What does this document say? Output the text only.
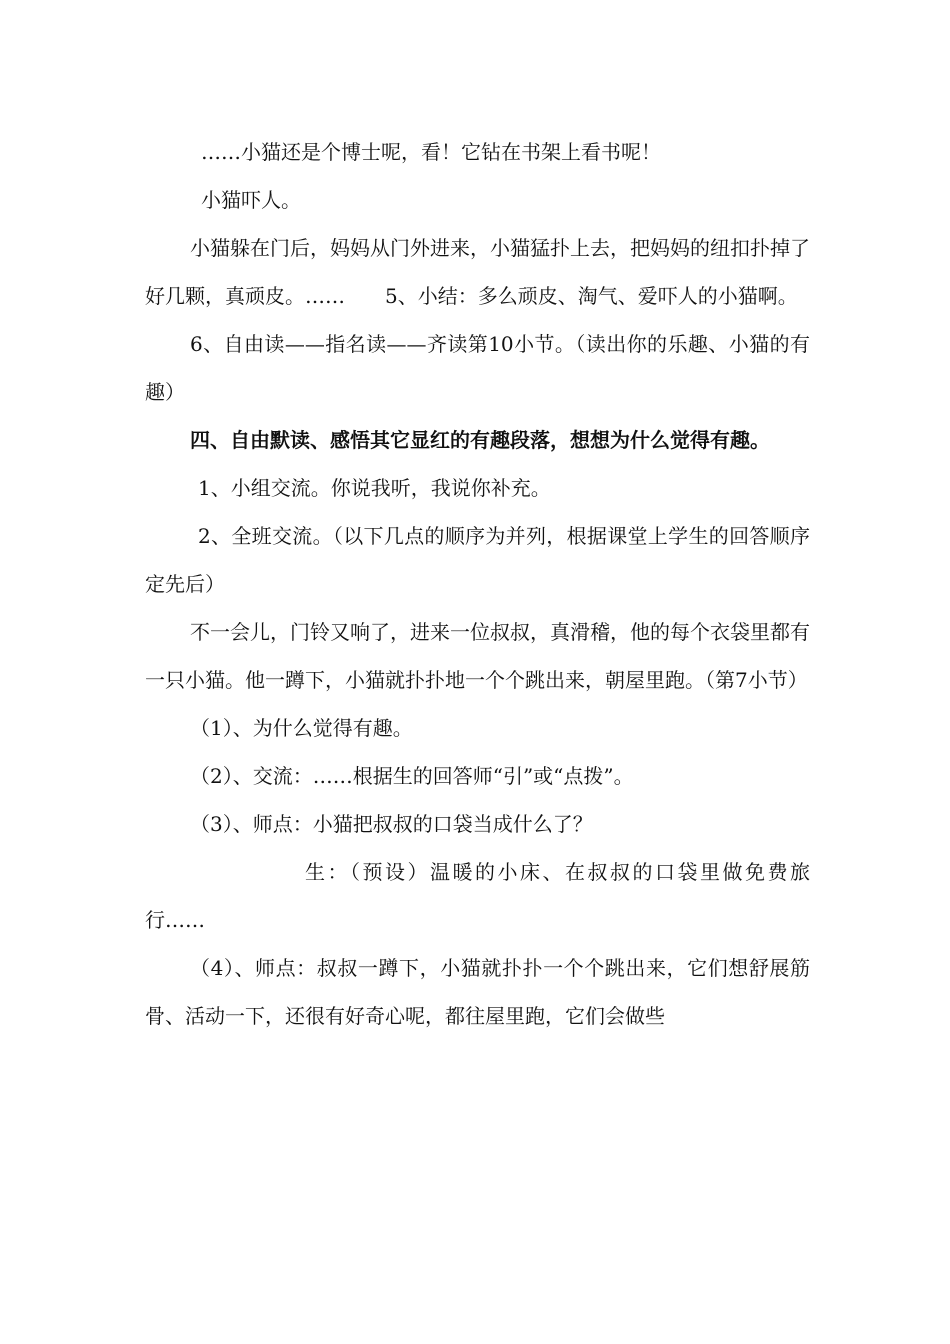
……小猫还是个博士呢，看！它钻在书架上看书呢！

小猫吓人。

小猫躲在门后，妈妈从门外进来，小猫猛扑上去，把妈妈的纽扣扑掉了好几颗，真顽皮。……　　5、小结：多么顽皮、淘气、爱吓人的小猫啊。

6、自由读——指名读——齐读第10小节。（读出你的乐趣、小猫的有趣）

四、自由默读、感悟其它显红的有趣段落，想想为什么觉得有趣。

1、小组交流。你说我听，我说你补充。

2、全班交流。（以下几点的顺序为并列，根据课堂上学生的回答顺序定先后）

不一会儿，门铃又响了，进来一位叔叔，真滑稽，他的每个衣袋里都有一只小猫。他一蹲下，小猫就扑扑地一个个跳出来，朝屋里跑。（第7小节）

（1）、为什么觉得有趣。

（2）、交流：……根据生的回答师“引”或“点拨”。

（3）、师点：小猫把叔叔的口袋当成什么了？

生：（预设）温暖的小床、在叔叔的口袋里做免费旅行……

（4）、师点：叔叔一蹲下，小猫就扑扑一个个跳出来，它们想舒展筋骨、活动一下，还很有好奇心呢，都往屋里跑，它们会做些
